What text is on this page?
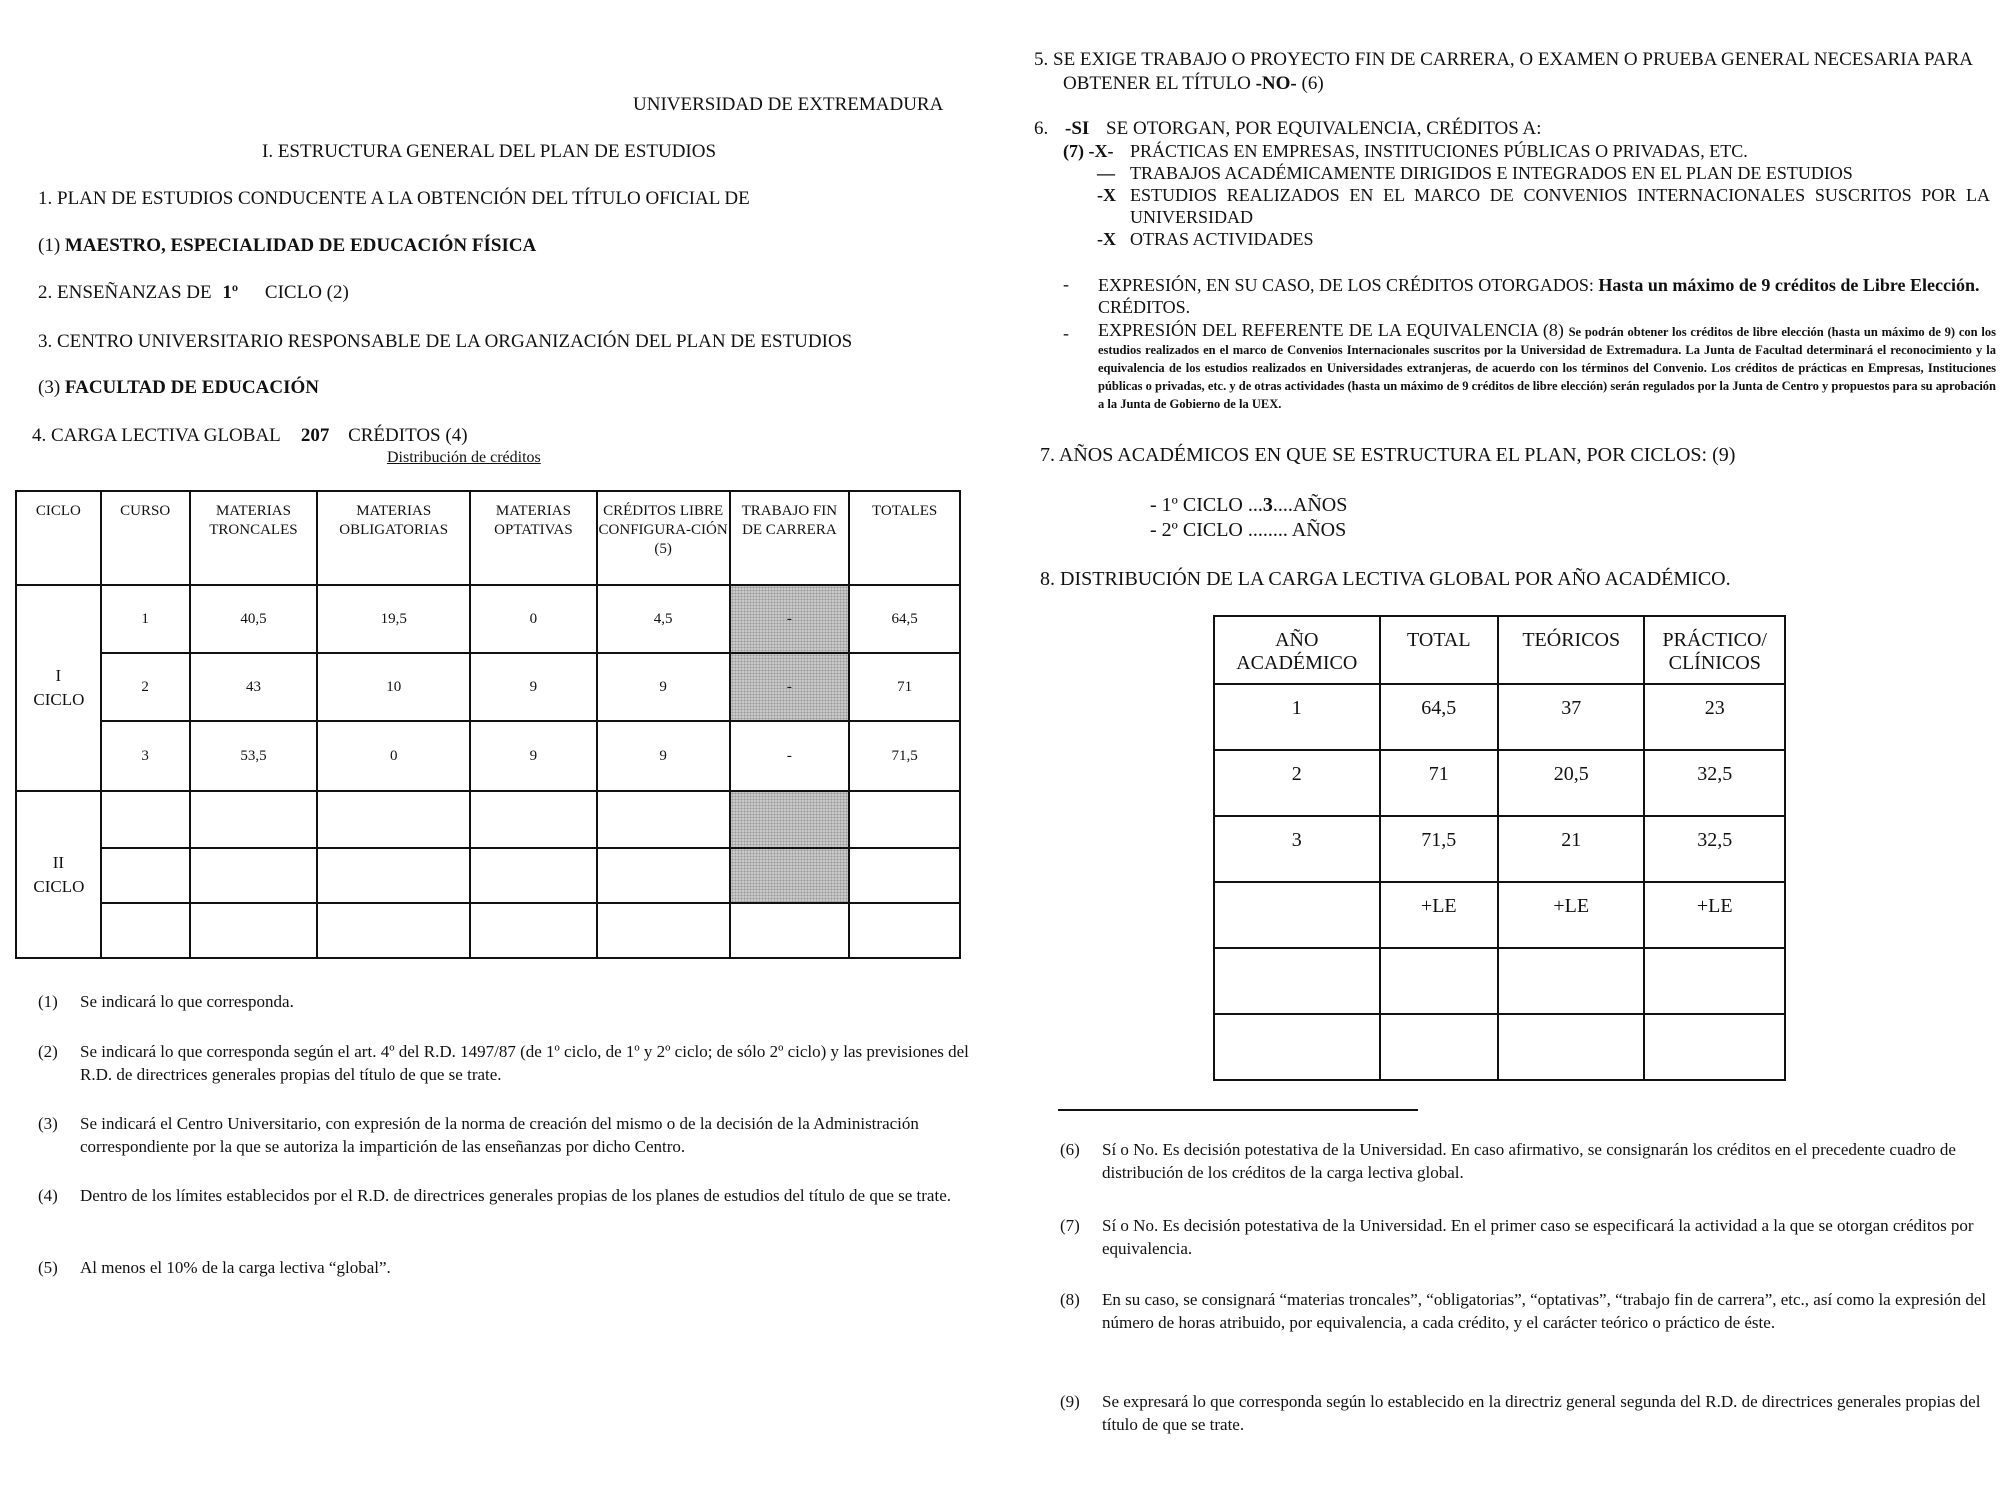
UNIVERSIDAD DE EXTREMADURA
I. ESTRUCTURA GENERAL DEL PLAN DE ESTUDIOS
1. PLAN DE ESTUDIOS CONDUCENTE A LA OBTENCIÓN DEL TÍTULO OFICIAL DE
(1) MAESTRO, ESPECIALIDAD DE EDUCACIÓN FÍSICA
2. ENSEÑANZAS DE 1º CICLO (2)
3. CENTRO UNIVERSITARIO RESPONSABLE DE LA ORGANIZACIÓN DEL PLAN DE ESTUDIOS
(3) FACULTAD DE EDUCACIÓN
4. CARGA LECTIVA GLOBAL 207 CRÉDITOS (4)
Distribución de créditos
CICLO	CURSO	MATERIAS TRONCALES	MATERIAS OBLIGATORIAS	MATERIAS OPTATIVAS	CRÉDITOS LIBRE CONFIGURA-CIÓN (5)	TRABAJO FIN DE CARRERA	TOTALES

I CICLO	1	40,5	19,5	0	4,5	-	64,5
	2	43	10	9	9	-	71
	3	53,5	0	9	9	-	71,5

II CICLO							

(1)	Se indicará lo que corresponda.
(2)	Se indicará lo que corresponda según el art. 4º del R.D. 1497/87 (de 1º ciclo, de 1º y 2º ciclo; de sólo 2º ciclo) y las previsiones del R.D. de directrices generales propias del título de que se trate.
(3)	Se indicará el Centro Universitario, con expresión de la norma de creación del mismo o de la decisión de la Administración correspondiente por la que se autoriza la impartición de las enseñanzas por dicho Centro.
(4)	Dentro de los límites establecidos por el R.D. de directrices generales propias de los planes de estudios del título de que se trate.
(5)	Al menos el 10% de la carga lectiva “global”.
5. SE EXIGE TRABAJO O PROYECTO FIN DE CARRERA, O EXAMEN O PRUEBA GENERAL NECESARIA PARA
OBTENER EL TÍTULO -NO- (6)
6. -SI SE OTORGAN, POR EQUIVALENCIA, CRÉDITOS A:
(7) -X- PRÁCTICAS EN EMPRESAS, INSTITUCIONES PÚBLICAS O PRIVADAS, ETC.
— TRABAJOS ACADÉMICAMENTE DIRIGIDOS E INTEGRADOS EN EL PLAN DE ESTUDIOS
-X ESTUDIOS REALIZADOS EN EL MARCO DE CONVENIOS INTERNACIONALES SUSCRITOS POR LA UNIVERSIDAD
-X OTRAS ACTIVIDADES
- EXPRESIÓN, EN SU CASO, DE LOS CRÉDITOS OTORGADOS: Hasta un máximo de 9 créditos de Libre Elección.
CRÉDITOS.
- EXPRESIÓN DEL REFERENTE DE LA EQUIVALENCIA (8) Se podrán obtener los créditos de libre elección (hasta un máximo de 9) con los estudios realizados en el marco de Convenios Internacionales suscritos por la Universidad de Extremadura. La Junta de Facultad determinará el reconocimiento y la equivalencia de los estudios realizados en Universidades extranjeras, de acuerdo con los términos del Convenio. Los créditos de prácticas en Empresas, Instituciones públicas o privadas, etc. y de otras actividades (hasta un máximo de 9 créditos de libre elección) serán regulados por la Junta de Centro y propuestos para su aprobación a la Junta de Gobierno de la UEX.
7. AÑOS ACADÉMICOS EN QUE SE ESTRUCTURA EL PLAN, POR CICLOS: (9)
- 1º CICLO ...3....AÑOS
- 2º CICLO ........ AÑOS
8. DISTRIBUCIÓN DE LA CARGA LECTIVA GLOBAL POR AÑO ACADÉMICO.
AÑO ACADÉMICO	TOTAL	TEÓRICOS	PRÁCTICO/ CLÍNICOS

1	64,5	37	23
2	71	20,5	32,5
3	71,5	21	32,5
	+LE	+LE	+LE

(6)	Sí o No. Es decisión potestativa de la Universidad. En caso afirmativo, se consignarán los créditos en el precedente cuadro de distribución de los créditos de la carga lectiva global.
(7)	Sí o No. Es decisión potestativa de la Universidad. En el primer caso se especificará la actividad a la que se otorgan créditos por equivalencia.
(8)	En su caso, se consignará “materias troncales”, “obligatorias”, “optativas”, “trabajo fin de carrera”, etc., así como la expresión del número de horas atribuido, por equivalencia, a cada crédito, y el carácter teórico o práctico de éste.
(9)	Se expresará lo que corresponda según lo establecido en la directriz general segunda del R.D. de directrices generales propias del título de que se trate.
